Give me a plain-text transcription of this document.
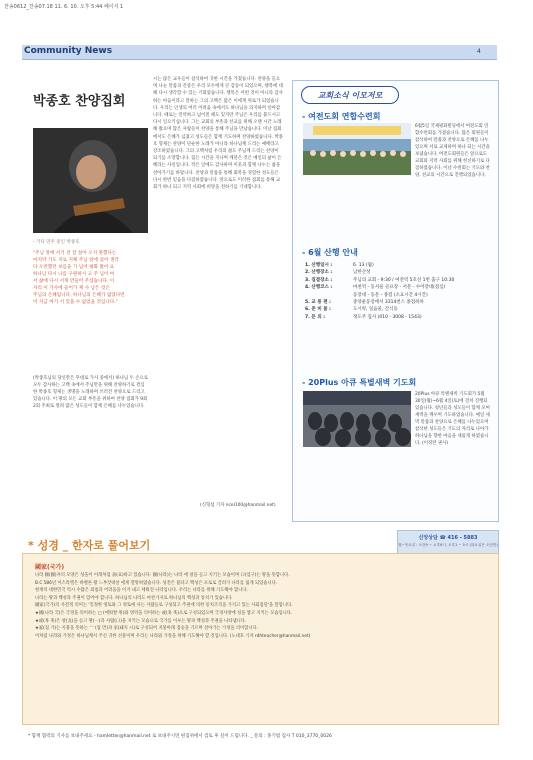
찬송0612_찬송07.18 11. 6. 10. 오후 5:44 페이지 1
Community News	4
박종호 찬양집회
- 기타 연주 중인 박종호
"주님 앞에 서기 전 잘 살아 오지 못했다는
마지막 기도 지로 지체 주님 앞에 섰어 생각
다 오만했던 보름을 가 넘어 평화 왔어 요
하나님 다시 나를 구원하시 고 주 님이 여
서 삶에 다시 서게 만들어 주셨습니다. 이
자리 이 가사에 들어가 제 사 남은 것은
주님의 은혜입니다. 하나님의 은혜가 없었다면
이 지금 여기 서 있을 수 없었을 것입니다."
(박종호님의 당신만은 무대로 가사 중에서) 하나님 두 손으로 모두 감사하는 고백 속에서 주님만을 위해 찬양하기로 결심한 박종호 형제는 생명을 노래하며 쓰러진 찬양으로 드리고 있습니다. 이 땅의 모든 교회 부흥을 위하여 찬양 집회가 9회 2회 주최로 열려 많은 성도들이 함께 은혜를 나누었습니다.
시는 많은 교우들이 참석하여 귀한 시간을 가졌습니다. 찬양을 들으며 나눈 말씀과 간증은 우리 모두에게 큰 감동이 되었으며, 행복에 대해 다시 생각할 수 있는 기회였습니다. 행복은 어떤 것이 아니라 감사하는 마음이라고 말하는 그의 고백은 많은 이에게 위로가 되었습니다. 우리는 인생의 여러 어려움 속에서도 하나님을 의지하며 살아갑니다. 때로는 연약하고 넘어질 때도 있지만 주님은 우리를 붙드시고 다시 일으키십니다. 그는 교회의 부흥과 선교를 위해 오랜 시간 노래해 왔으며 많은 사람들이 찬양을 통해 주님을 만났습니다. 이날 집회에서도 은혜가 넘쳤고 성도들은 함께 기도하며 찬양하였습니다. 박종호 형제는 찬양이 단순한 노래가 아니라 하나님께 드리는 예배라고 강조하였습니다. 그의 고백처럼 우리의 삶도 주님께 드리는 찬양이 되기를 소망합니다. 힘든 시간을 지나며 깨달은 것은 매일의 삶이 은혜라는 사실입니다. 작은 일에도 감사하며 이웃과 함께 나누는 삶을 살아가기를 바랍니다. 찬양과 말씀을 통해 회복을 경험한 성도들은 다시 한번 믿음을 다짐하였습니다. 앞으로도 이러한 집회를 통해 교회가 하나 되고 지역 사회에 희망을 전하기를 기대합니다.
(신형섭 기자 ncel100@hanmail.net)
교회소식 이모저모
- 여전도회 연합수련회
6월5일 국제평화빌딩에서 여전도회 연합수련회를 가졌습니다. 많은 회원들이 참석하여 말씀과 찬양으로 은혜를 나누었으며 서로 교제하며 하나 되는 시간을 보냈습니다. 여전도회원들은 앞으로도 교회와 지역 사회를 위해 헌신하기로 다짐하였습니다. 이날 수련회는 기도와 찬양, 친교의 시간으로 진행되었습니다.
- 6월 산행 안내
1. 산행일시 :	6. 13 (월)
2. 산행장소 :	남한산성
3. 집결장소 :	주님의 교회 - 9:30 / 여전역 5호선 1번 출구 10:30
4. 산행코스 :	마천역 - 동서울 골프장 - 서문 - 수어장대(점심)
동장대 - 동문 - 종점 (소요시간 4시간)
5. 교 통 편 :	중앙운동장에서 3314번스 종점하차
6. 준 비 물 :	도시락, 일음물, 간식등
7. 문 의 :	정도주 집사 (010 - 3008 - 1543)
- 20Plus 아큐 특별새벽 기도회
20Plus 아큐 특별새벽 기도회가 5월 30일(월)~6월 4일(토)에 걸쳐 진행되었습니다. 청년들과 성도들이 함께 모여 새벽을 깨우며 기도하였습니다. 매일 새벽 말씀과 찬양으로 은혜를 나누었으며 참석한 성도들은 기도의 자리로 나아가 하나님을 향한 마음을 새롭게 하였습니다. (이정란 권사)
신앙상담 ☎ 416 - 5883
월~목요일 : 오전9 ~ 오후6시, 오후1 ~ 5시 (화요일은 오전만)
* 성경 _ 한자로 풀어보기
國家(국가)
나라 國(國)자의 모양은 성을이 이래처럼 表(표)하고 있습니다. 國(나라)는 나라 에 창을 들고 지키는 모습이며 口(입구)는 땅을 뜻합니다.
B.C 586년 이스라엘은 바벨론 왕 느부갓네살 에게 멸망하였습니다. 성전은 불타고 백성은 포로로 끌려가 나라를 잃게 되었습니다.
현재의 대한민국 역시 수많은 외침과 어려움을 이겨 내고 세워진 나라입니다. 우리는 나라를 위해 기도해야 합니다.
나라는 땅과 백성과 주권이 있어야 합니다. 하나님의 나라도 마찬가지로 하나님의 백성과 통치가 있습니다.
國家(국가)의 사전적 의미는 '일정한 영토와 그 영토에 사는 사람들로 구성되고 주권에 의한 통치조직을 가지고 있는 사회집단'을 말합니다.
★國(나라 국)은 국경을 의미하는 □ (에워쌀 위)와 영역을 의미하는 或(혹 혹)으로 구성되었으며 국경사방에 성을 쌓고 지키는 모습입니다.
★或(혹 혹)은 창(戈)을 들고 땅(一)과 사람(口)을 지키는 모습으로 국가를 이루는 땅과 백성과 주권을 나타냅니다.
★家(집 가)는 지붕을 뜻하는 宀 (집 면)과 豕(돼지 시)로 구성되어 지붕아래 짐승을 기르며 살아가는 가정을 의미합니다.
이처럼 나라와 가정은 하나님께서 주신 귀한 선물이며 우리는 나라와 가정을 위해 기도해야 할 것입니다. (노대호 기자 rdhteacher@hanmail.net)
* 함께 협력의 기사를 보내주세요 - hamletter@hanmail.net 로 보내주시면 편집위에서 검토 후 실어 드립니다. _ 문의 : 홍기범 집사 T 010_3770_0026
